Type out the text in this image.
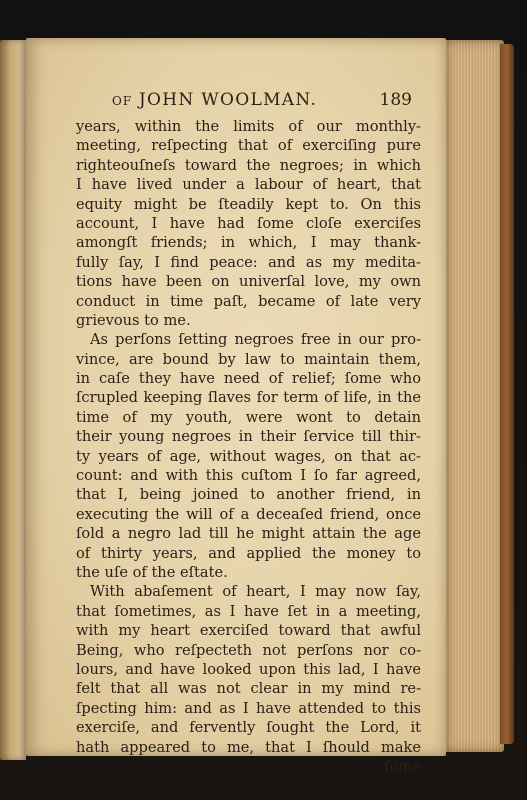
OF JOHN WOOLMAN.	189
years, within the limits of our monthly-
meeting, reſpecting that of exerciſing pure
righteouſneſs toward the negroes; in which
I have lived under a labour of heart, that
equity might be ſteadily kept to. On this
account, I have had ſome cloſe exerciſes
amongſt friends; in which, I may thank-
fully ſay, I find peace: and as my medita-
tions have been on univerſal love, my own
conduct in time paſt, became of late very
grievous to me.
As perſons ſetting negroes free in our pro-
vince, are bound by law to maintain them,
in caſe they have need of relief; ſome who
ſcrupled keeping ſlaves for term of life, in the
time of my youth, were wont to detain
their young negroes in their ſervice till thir-
ty years of age, without wages, on that ac-
count: and with this cuſtom I ſo far agreed,
that I, being joined to another friend, in
executing the will of a deceaſed friend, once
ſold a negro lad till he might attain the age
of thirty years, and applied the money to
the uſe of the eſtate.
With abaſement of heart, I may now ſay,
that ſometimes, as I have ſet in a meeting,
with my heart exerciſed toward that awful
Being, who reſpecteth not perſons nor co-
lours, and have looked upon this lad, I have
felt that all was not clear in my mind re-
ſpecting him: and as I have attended to this
exerciſe, and fervently ſought the Lord, it
hath appeared to me, that I ſhould make
ſome
